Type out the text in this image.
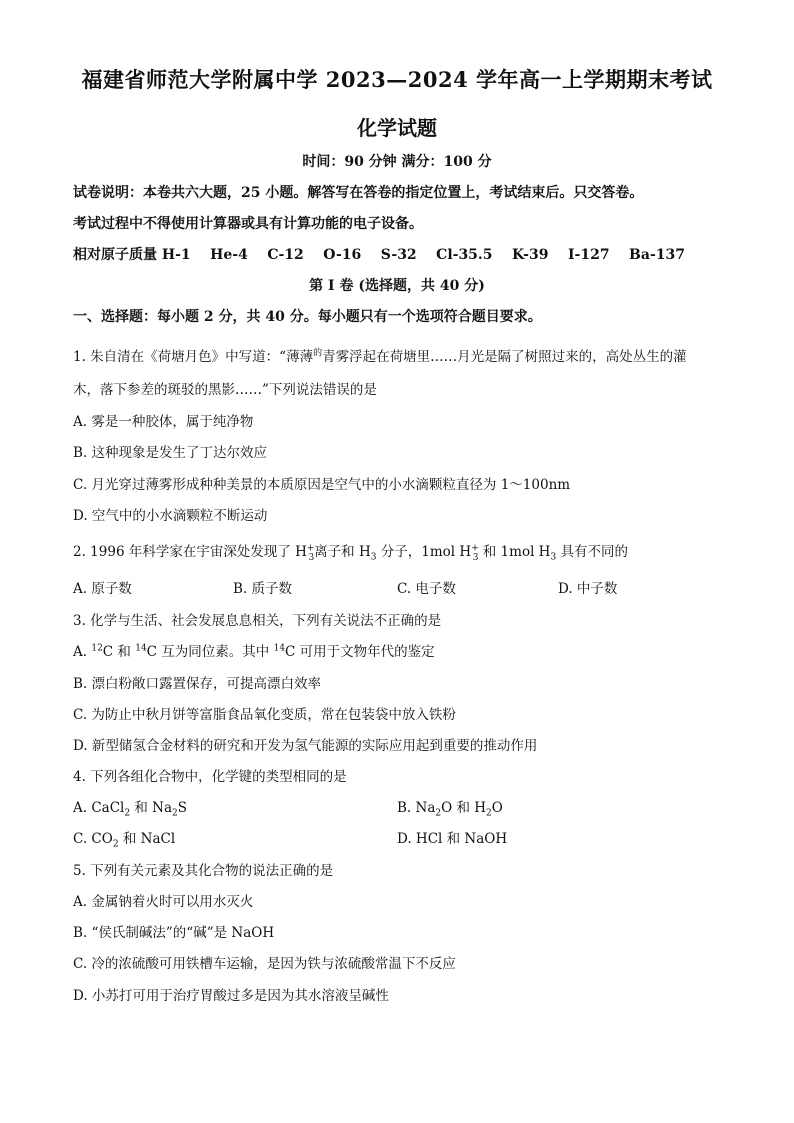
福建省师范大学附属中学 2023—2024 学年高一上学期期末考试
化学试题
时间：90 分钟 满分：100 分
试卷说明：本卷共六大题，25 小题。解答写在答卷的指定位置上，考试结束后。只交答卷。
考试过程中不得使用计算器或具有计算功能的电子设备。
相对原子质量 H-1    He-4    C-12    O-16    S-32    Cl-35.5    K-39    I-127    Ba-137
第 I 卷 (选择题，共 40 分)
一、选择题：每小题 2 分，共 40 分。每小题只有一个选项符合题目要求。
1. 朱自清在《荷塘月色》中写道：“薄薄$^的$青雾浮起在荷塘里……月光是隔了树照过来的，高处丛生的灌
木，落下参差的斑驳的黑影……”下列说法错误的是
A. 雾是一种胶体，属于纯净物
B. 这种现象是发生了丁达尔效应
C. 月光穿过薄雾形成种种美景的本质原因是空气中的小水滴颗粒直径为 1～100nm
D. 空气中的小水滴颗粒不断运动
2. 1996 年科学家在宇宙深处发现了 $H^+_3$离子和 $H_3$ 分子，1mol $H^+_3$ 和 1mol $H_3$ 具有不同的
A. 原子数	B. 质子数	C. 电子数	D. 中子数
3. 化学与生活、社会发展息息相关，下列有关说法不正确的是
A. $^{12}$C 和 $^{14}$C 互为同位素。其中 $^{14}$C 可用于文物年代的鉴定
B. 漂白粉敞口露置保存，可提高漂白效率
C. 为防止中秋月饼等富脂食品氧化变质，常在包装袋中放入铁粉
D. 新型储氢合金材料的研究和开发为氢气能源的实际应用起到重要的推动作用
4. 下列各组化合物中，化学键的类型相同的是
A. CaCl$_2$ 和 $Na_2S$	B. $Na_2O$ 和 $H_2O$
C. $CO_2$ 和 NaCl	D. HCl 和 NaOH
5. 下列有关元素及其化合物的说法正确的是
A. 金属钠着火时可以用水灭火
B. “侯氏制碱法”的“碱”是 NaOH
C. 冷的浓硫酸可用铁槽车运输，是因为铁与浓硫酸常温下不反应
D. 小苏打可用于治疗胃酸过多是因为其水溶液呈碱性
